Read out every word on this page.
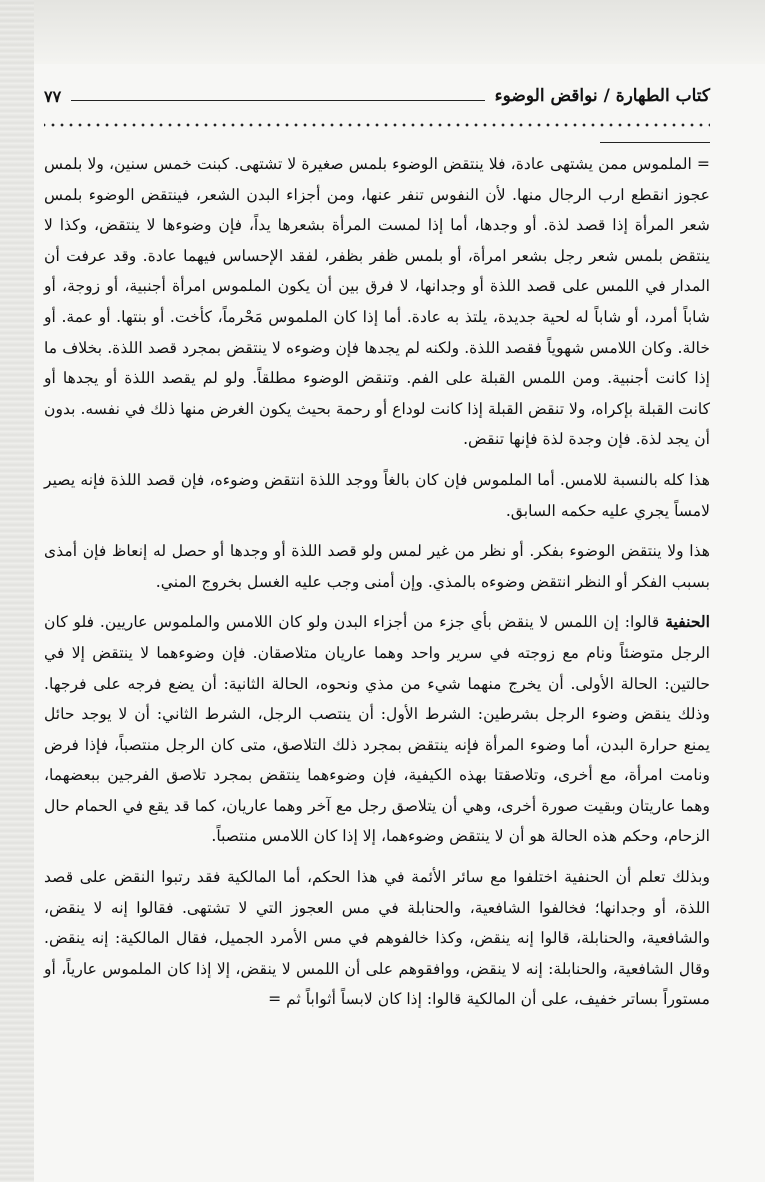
كتاب الطهارة / نواقض الوضوء
٧٧

= الملموس ممن يشتهى عادة، فلا ينتقض الوضوء بلمس صغيرة لا تشتهى. كبنت خمس سنين، ولا بلمس عجوز انقطع ارب الرجال منها. لأن النفوس تنفر عنها، ومن أجزاء البدن الشعر، فينتقض الوضوء بلمس شعر المرأة إذا قصد لذة. أو وجدها، أما إذا لمست المرأة بشعرها يداً، فإن وضوءها لا ينتقض، وكذا لا ينتقض بلمس شعر رجل بشعر امرأة، أو بلمس ظفر بظفر، لفقد الإحساس فيهما عادة. وقد عرفت أن المدار في اللمس على قصد اللذة أو وجدانها، لا فرق بين أن يكون الملموس امرأة أجنبية، أو زوجة، أو شاباً أمرد، أو شاباً له لحية جديدة، يلتذ به عادة. أما إذا كان الملموس مَحْرماً، كأخت. أو بنتها. أو عمة. أو خالة. وكان اللامس شهوياً فقصد اللذة. ولكنه لم يجدها فإن وضوءه لا ينتقض بمجرد قصد اللذة. بخلاف ما إذا كانت أجنبية. ومن اللمس القبلة على الفم. وتنقض الوضوء مطلقاً. ولو لم يقصد اللذة أو يجدها أو كانت القبلة بإكراه، ولا تنقض القبلة إذا كانت لوداع أو رحمة بحيث يكون الغرض منها ذلك في نفسه. بدون أن يجد لذة. فإن وجدة لذة فإنها تنقض.

هذا كله بالنسبة للامس. أما الملموس فإن كان بالغاً ووجد اللذة انتقض وضوءه، فإن قصد اللذة فإنه يصير لامساً يجري عليه حكمه السابق.

هذا ولا ينتقض الوضوء بفكر. أو نظر من غير لمس ولو قصد اللذة أو وجدها أو حصل له إنعاظ فإن أمذى بسبب الفكر أو النظر انتقض وضوءه بالمذي. وإن أمنى وجب عليه الغسل بخروج المني.

الحنفية قالوا: إن اللمس لا ينقض بأي جزء من أجزاء البدن ولو كان اللامس والملموس عاريين. فلو كان الرجل متوضئاً ونام مع زوجته في سرير واحد وهما عاريان متلاصقان. فإن وضوءهما لا ينتقض إلا في حالتين: الحالة الأولى. أن يخرج منهما شيء من مذي ونحوه، الحالة الثانية: أن يضع فرجه على فرجها. وذلك ينقض وضوء الرجل بشرطين: الشرط الأول: أن ينتصب الرجل، الشرط الثاني: أن لا يوجد حائل يمنع حرارة البدن، أما وضوء المرأة فإنه ينتقض بمجرد ذلك التلاصق، متى كان الرجل منتصباً، فإذا فرض ونامت امرأة، مع أخرى، وتلاصقتا بهذه الكيفية، فإن وضوءهما ينتقض بمجرد تلاصق الفرجين ببعضهما، وهما عاريتان وبقيت صورة أخرى، وهي أن يتلاصق رجل مع آخر وهما عاريان، كما قد يقع في الحمام حال الزحام، وحكم هذه الحالة هو أن لا ينتقض وضوءهما، إلا إذا كان اللامس منتصباً.

وبذلك تعلم أن الحنفية اختلفوا مع سائر الأئمة في هذا الحكم، أما المالكية فقد رتبوا النقض على قصد اللذة، أو وجدانها؛ فخالفوا الشافعية، والحنابلة في مس العجوز التي لا تشتهى. فقالوا إنه لا ينقض، والشافعية، والحنابلة، قالوا إنه ينقض، وكذا خالفوهم في مس الأمرد الجميل، فقال المالكية: إنه ينقض. وقال الشافعية، والحنابلة: إنه لا ينقض، ووافقوهم على أن اللمس لا ينقض، إلا إذا كان الملموس عارياً، أو مستوراً بساتر خفيف، على أن المالكية قالوا: إذا كان لابساً أثواباً ثم =
